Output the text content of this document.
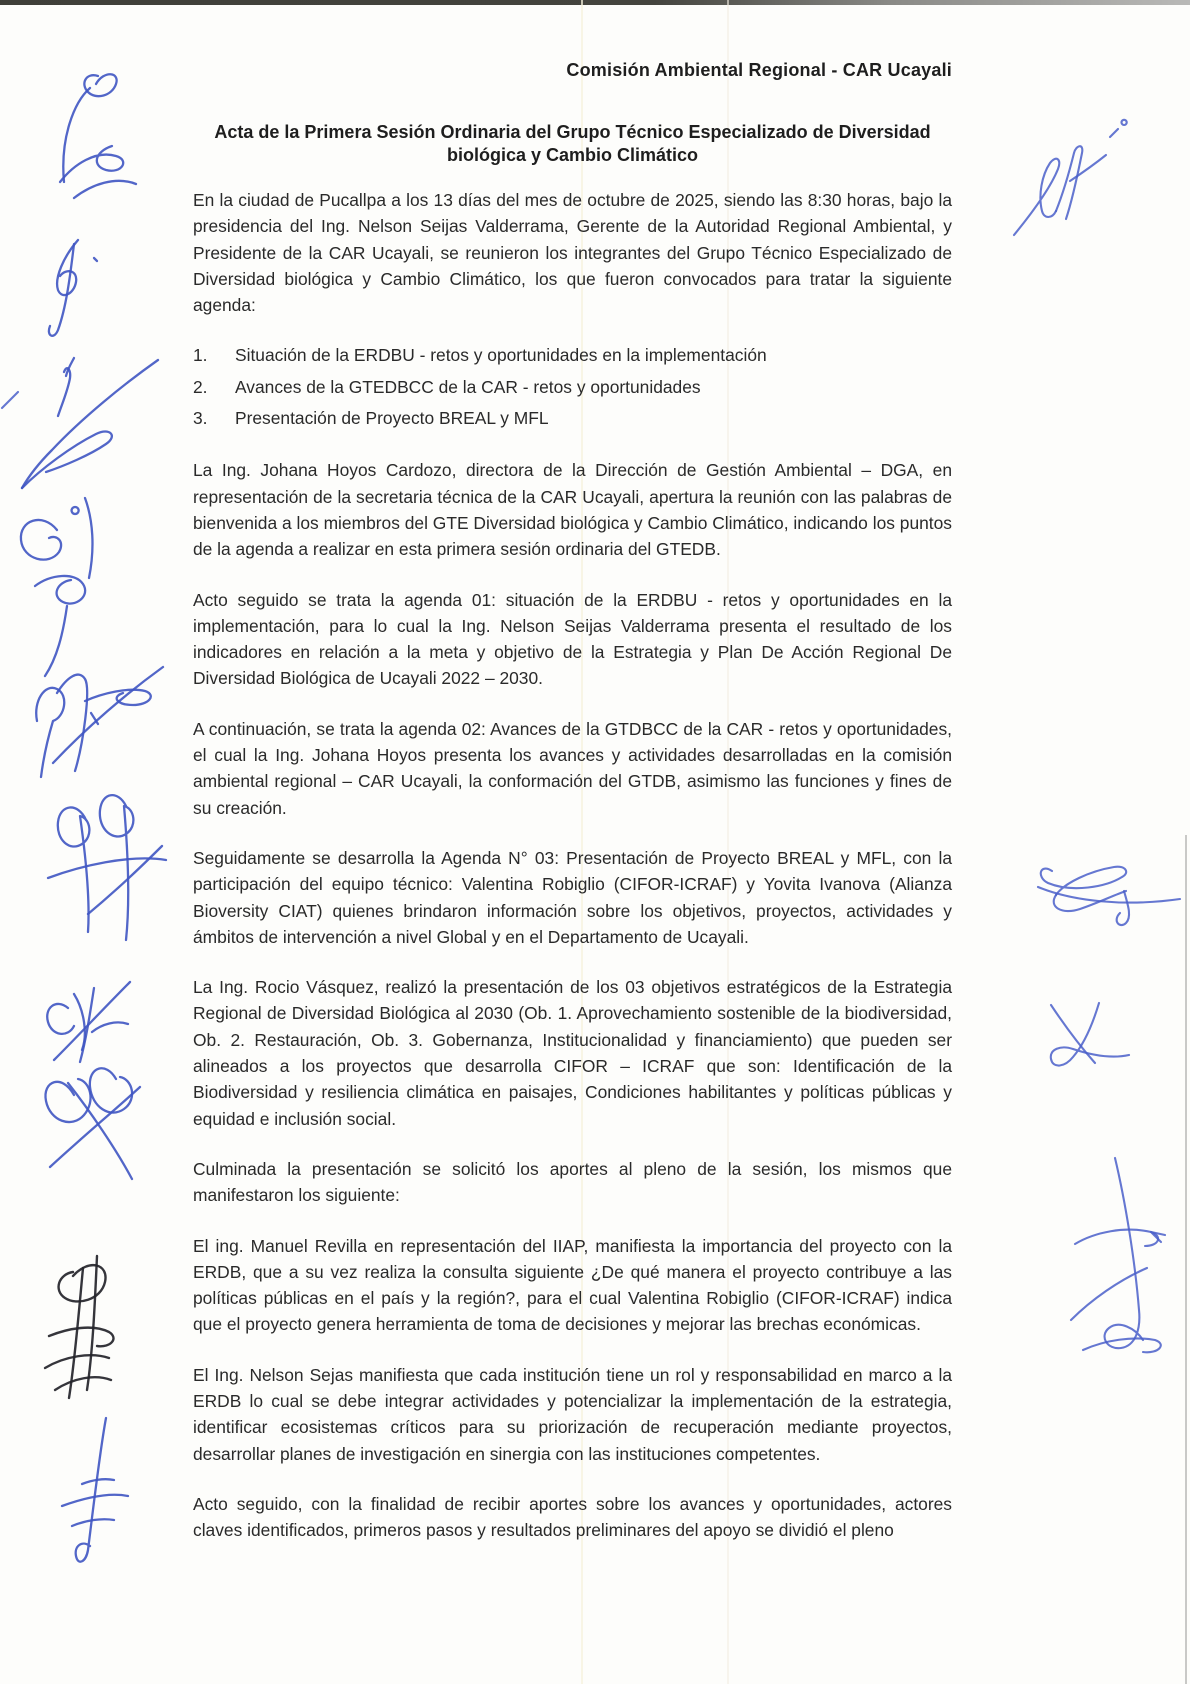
Comisión Ambiental Regional - CAR Ucayali
Acta de la Primera Sesión Ordinaria del Grupo Técnico Especializado de Diversidad biológica y Cambio Climático

En la ciudad de Pucallpa a los 13 días del mes de octubre de 2025, siendo las 8:30 horas, bajo la presidencia del Ing. Nelson Seijas Valderrama, Gerente de la Autoridad Regional Ambiental, y Presidente de la CAR Ucayali, se reunieron los integrantes del Grupo Técnico Especializado de Diversidad biológica y Cambio Climático, los que fueron convocados para tratar la siguiente agenda:

1.	Situación de la ERDBU - retos y oportunidades en la implementación
2.	Avances de la GTEDBCC de la CAR - retos y oportunidades
3.	Presentación de Proyecto BREAL y MFL

La Ing. Johana Hoyos Cardozo, directora de la Dirección de Gestión Ambiental – DGA, en representación de la secretaria técnica de la CAR Ucayali, apertura la reunión con las palabras de bienvenida a los miembros del GTE Diversidad biológica y Cambio Climático, indicando los puntos de la agenda a realizar en esta primera sesión ordinaria del GTEDB.

Acto seguido se trata la agenda 01: situación de la ERDBU - retos y oportunidades en la implementación, para lo cual la Ing. Nelson Seijas Valderrama presenta el resultado de los indicadores en relación a la meta y objetivo de la Estrategia y Plan De Acción Regional De Diversidad Biológica de Ucayali 2022 – 2030.

A continuación, se trata la agenda 02: Avances de la GTDBCC de la CAR - retos y oportunidades, el cual la Ing. Johana Hoyos presenta los avances y actividades desarrolladas en la comisión ambiental regional – CAR Ucayali, la conformación del GTDB, asimismo las funciones y fines de su creación.

Seguidamente se desarrolla la Agenda N° 03: Presentación de Proyecto BREAL y MFL, con la participación del equipo técnico: Valentina Robiglio (CIFOR-ICRAF) y Yovita Ivanova (Alianza Bioversity CIAT) quienes brindaron información sobre los objetivos, proyectos, actividades y ámbitos de intervención a nivel Global y en el Departamento de Ucayali.

La Ing. Rocio Vásquez, realizó la presentación de los 03 objetivos estratégicos de la Estrategia Regional de Diversidad Biológica al 2030 (Ob. 1. Aprovechamiento sostenible de la biodiversidad, Ob. 2. Restauración, Ob. 3. Gobernanza, Institucionalidad y financiamiento) que pueden ser alineados a los proyectos que desarrolla CIFOR – ICRAF que son: Identificación de la Biodiversidad y resiliencia climática en paisajes, Condiciones habilitantes y políticas públicas y equidad e inclusión social.

Culminada la presentación se solicitó los aportes al pleno de la sesión, los mismos que manifestaron los siguiente:

El ing. Manuel Revilla en representación del IIAP, manifiesta la importancia del proyecto con la ERDB, que a su vez realiza la consulta siguiente ¿De qué manera el proyecto contribuye a las políticas públicas en el país y la región?, para el cual Valentina Robiglio (CIFOR-ICRAF) indica que el proyecto genera herramienta de toma de decisiones y mejorar las brechas económicas.

El Ing. Nelson Sejas manifiesta que cada institución tiene un rol y responsabilidad en marco a la ERDB lo cual se debe integrar actividades y potencializar la implementación de la estrategia, identificar ecosistemas críticos para su priorización de recuperación mediante proyectos, desarrollar planes de investigación en sinergia con las instituciones competentes.

Acto seguido, con la finalidad de recibir aportes sobre los avances y oportunidades, actores claves identificados, primeros pasos y resultados preliminares del apoyo se dividió el pleno
